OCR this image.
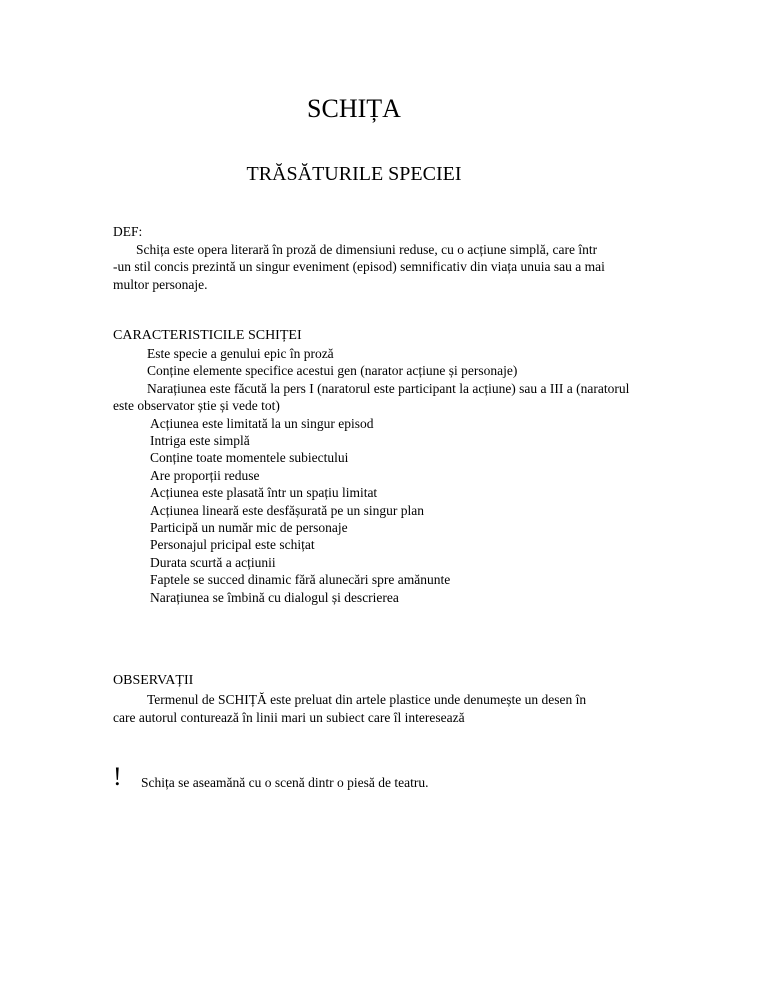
SCHIȚA
TRĂSĂTURILE SPECIEI
DEF:
Schița este opera literară în proză de dimensiuni reduse, cu o acțiune simplă, care într
-un stil concis prezintă un singur eveniment (episod) semnificativ din viața unuia sau a mai
multor personaje.
CARACTERISTICILE SCHIȚEI
Este specie a genului epic în proză
Conține elemente specifice acestui gen (narator acțiune și personaje)
Narațiunea este făcută la pers I (naratorul este participant la acțiune) sau a III a (naratorul
este observator știe și vede tot)
Acțiunea este limitată la un singur episod
Intriga este simplă
Conține toate momentele subiectului
Are proporții reduse
Acțiunea este plasată într un spațiu limitat
Acțiunea lineară este desfășurată pe un singur plan
Participă un număr mic de personaje
Personajul pricipal este schițat
Durata scurtă a acțiunii
Faptele se succed dinamic fără alunecări spre amănunte
Narațiunea se îmbină cu dialogul și descrierea
OBSERVAȚII
Termenul de SCHIȚĂ este preluat din artele plastice unde denumește un desen în
care autorul conturează în linii mari un subiect care îl interesează
! Schița se aseamănă cu o scenă dintr o piesă de teatru.
